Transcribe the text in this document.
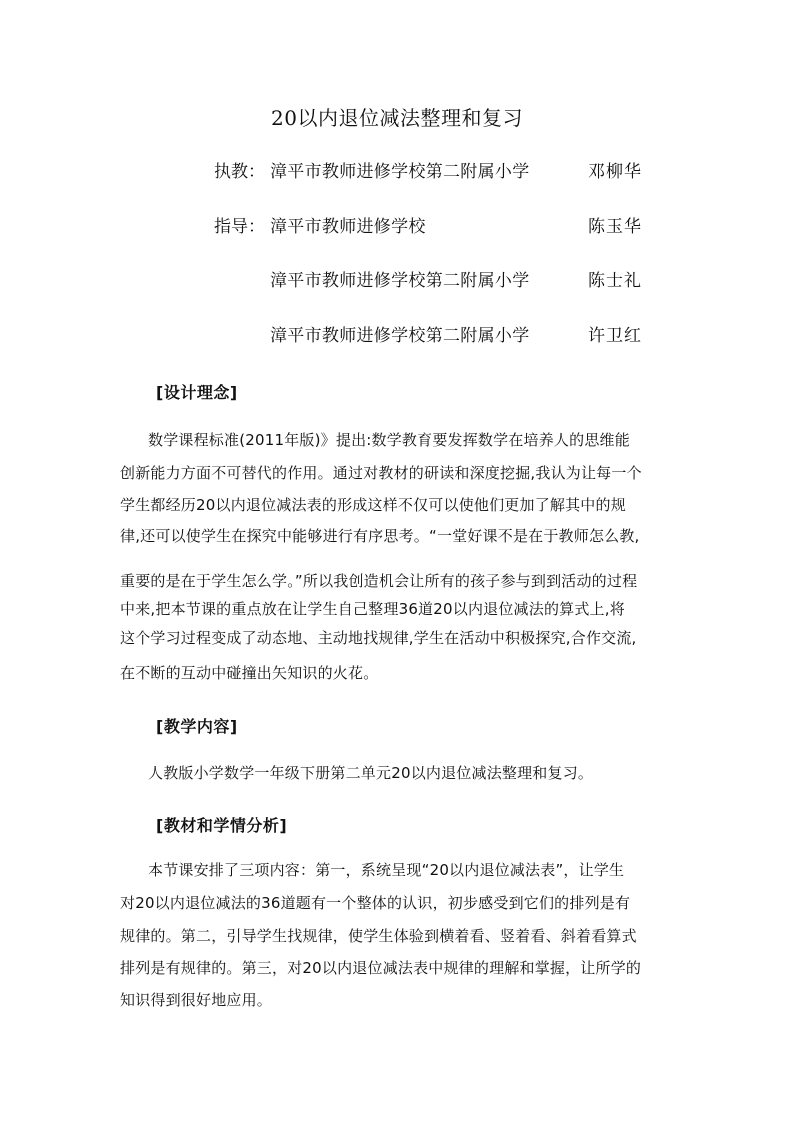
20以内退位减法整理和复习
执教： 漳平市教师进修学校第二附属小学	邓柳华
指导： 漳平市教师进修学校	陈玉华
漳平市教师进修学校第二附属小学	陈士礼
漳平市教师进修学校第二附属小学	许卫红
[设计理念]
数学课程标准(2011年版)》提出:数学教育要发挥数学在培养人的思维能
创新能力方面不可替代的作用。通过对教材的研读和深度挖掘,我认为让每一个
学生都经历20以内退位减法表的形成这样不仅可以使他们更加了解其中的规
律,还可以使学生在探究中能够进行有序思考。“一堂好课不是在于教师怎么教,
重要的是在于学生怎么学。”所以我创造机会让所有的孩子参与到到活动的过程
中来,把本节课的重点放在让学生自己整理36道20以内退位减法的算式上,将
这个学习过程变成了动态地、主动地找规律,学生在活动中积极探究,合作交流,
在不断的互动中碰撞出矢知识的火花。
[教学内容]
人教版小学数学一年级下册第二单元20以内退位减法整理和复习。
[教材和学情分析]
本节课安排了三项内容：第一，系统呈现“20以内退位减法表”，让学生
对20以内退位减法的36道题有一个整体的认识，初步感受到它们的排列是有
规律的。第二，引导学生找规律，使学生体验到横着看、竖着看、斜着看算式
排列是有规律的。第三，对20以内退位减法表中规律的理解和掌握，让所学的
知识得到很好地应用。
